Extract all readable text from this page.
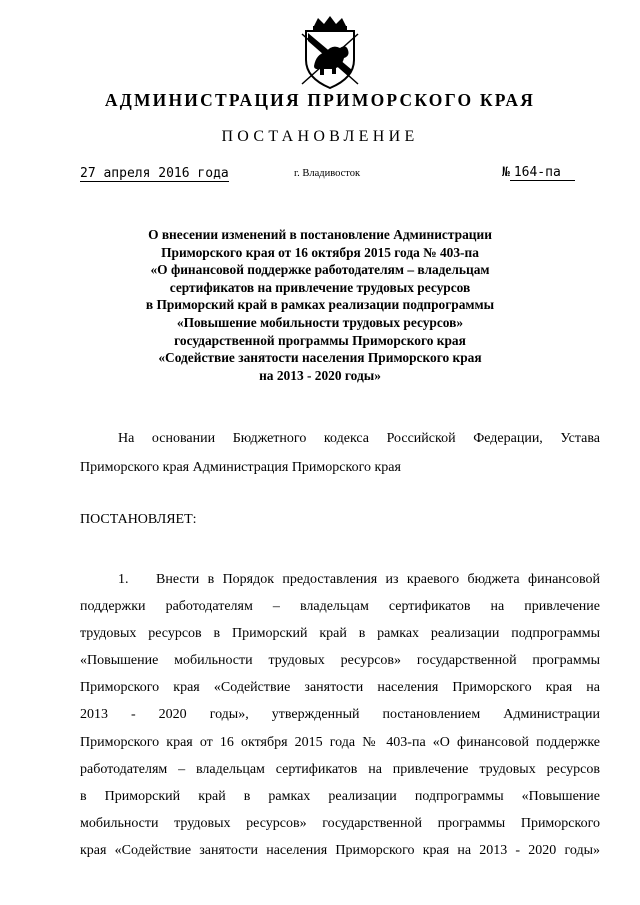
АДМИНИСТРАЦИЯ ПРИМОРСКОГО КРАЯ
ПОСТАНОВЛЕНИЕ
27 апреля 2016 года	г. Владивосток	№ 164-па
О внесении изменений в постановление Администрации
Приморского края от 16 октября 2015 года № 403-па
«О финансовой поддержке работодателям – владельцам
сертификатов на привлечение трудовых ресурсов
в Приморский край в рамках реализации подпрограммы
«Повышение мобильности трудовых ресурсов»
государственной программы Приморского края
«Содействие занятости населения Приморского края
на 2013 - 2020 годы»
На основании Бюджетного кодекса Российской Федерации, Устава
Приморского края Администрация Приморского края
ПОСТАНОВЛЯЕТ:
1. Внести в Порядок предоставления из краевого бюджета финансовой
поддержки работодателям – владельцам сертификатов на привлечение
трудовых ресурсов в Приморский край в рамках реализации подпрограммы
«Повышение мобильности трудовых ресурсов» государственной программы
Приморского края «Содействие занятости населения Приморского края на
2013 - 2020 годы», утвержденный постановлением Администрации
Приморского края от 16 октября 2015 года № 403-па «О финансовой поддержке
работодателям – владельцам сертификатов на привлечение трудовых ресурсов
в Приморский край в рамках реализации подпрограммы «Повышение
мобильности трудовых ресурсов» государственной программы Приморского
края «Содействие занятости населения Приморского края на 2013 - 2020 годы»
